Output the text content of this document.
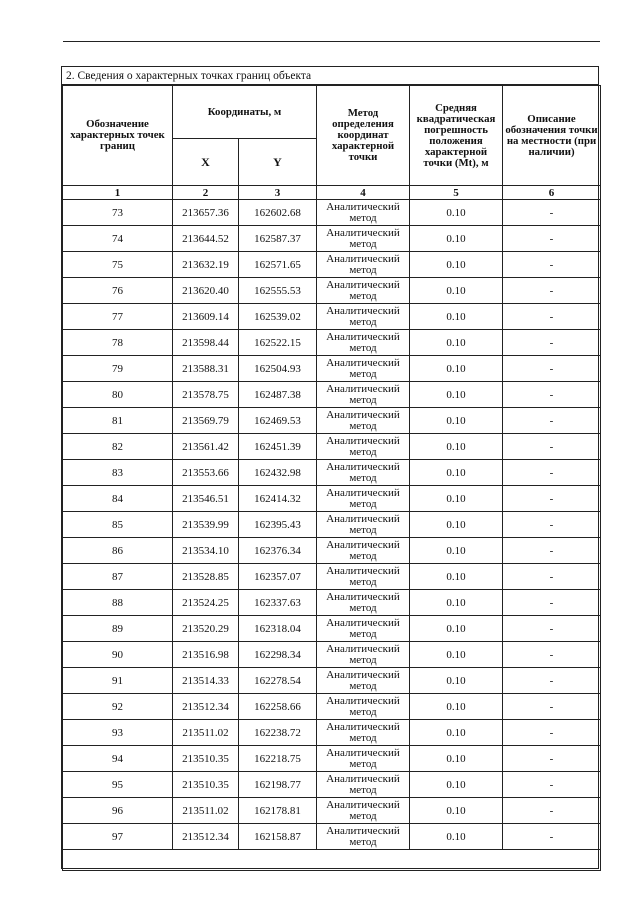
2. Сведения о характерных точках границ объекта
Обозначение характерных точек границ	Координаты, м		Метод определения координат характерной точки	Средняя квадратическая погрешность положения характерной точки (Mt), м	Описание обозначения точки на местности (при наличии)
	X	Y			
1	2	3	4	5	6
73	213657.36	162602.68	Аналитический метод	0.10	-
74	213644.52	162587.37	Аналитический метод	0.10	-
75	213632.19	162571.65	Аналитический метод	0.10	-
76	213620.40	162555.53	Аналитический метод	0.10	-
77	213609.14	162539.02	Аналитический метод	0.10	-
78	213598.44	162522.15	Аналитический метод	0.10	-
79	213588.31	162504.93	Аналитический метод	0.10	-
80	213578.75	162487.38	Аналитический метод	0.10	-
81	213569.79	162469.53	Аналитический метод	0.10	-
82	213561.42	162451.39	Аналитический метод	0.10	-
83	213553.66	162432.98	Аналитический метод	0.10	-
84	213546.51	162414.32	Аналитический метод	0.10	-
85	213539.99	162395.43	Аналитический метод	0.10	-
86	213534.10	162376.34	Аналитический метод	0.10	-
87	213528.85	162357.07	Аналитический метод	0.10	-
88	213524.25	162337.63	Аналитический метод	0.10	-
89	213520.29	162318.04	Аналитический метод	0.10	-
90	213516.98	162298.34	Аналитический метод	0.10	-
91	213514.33	162278.54	Аналитический метод	0.10	-
92	213512.34	162258.66	Аналитический метод	0.10	-
93	213511.02	162238.72	Аналитический метод	0.10	-
94	213510.35	162218.75	Аналитический метод	0.10	-
95	213510.35	162198.77	Аналитический метод	0.10	-
96	213511.02	162178.81	Аналитический метод	0.10	-
97	213512.34	162158.87	Аналитический метод	0.10	-
